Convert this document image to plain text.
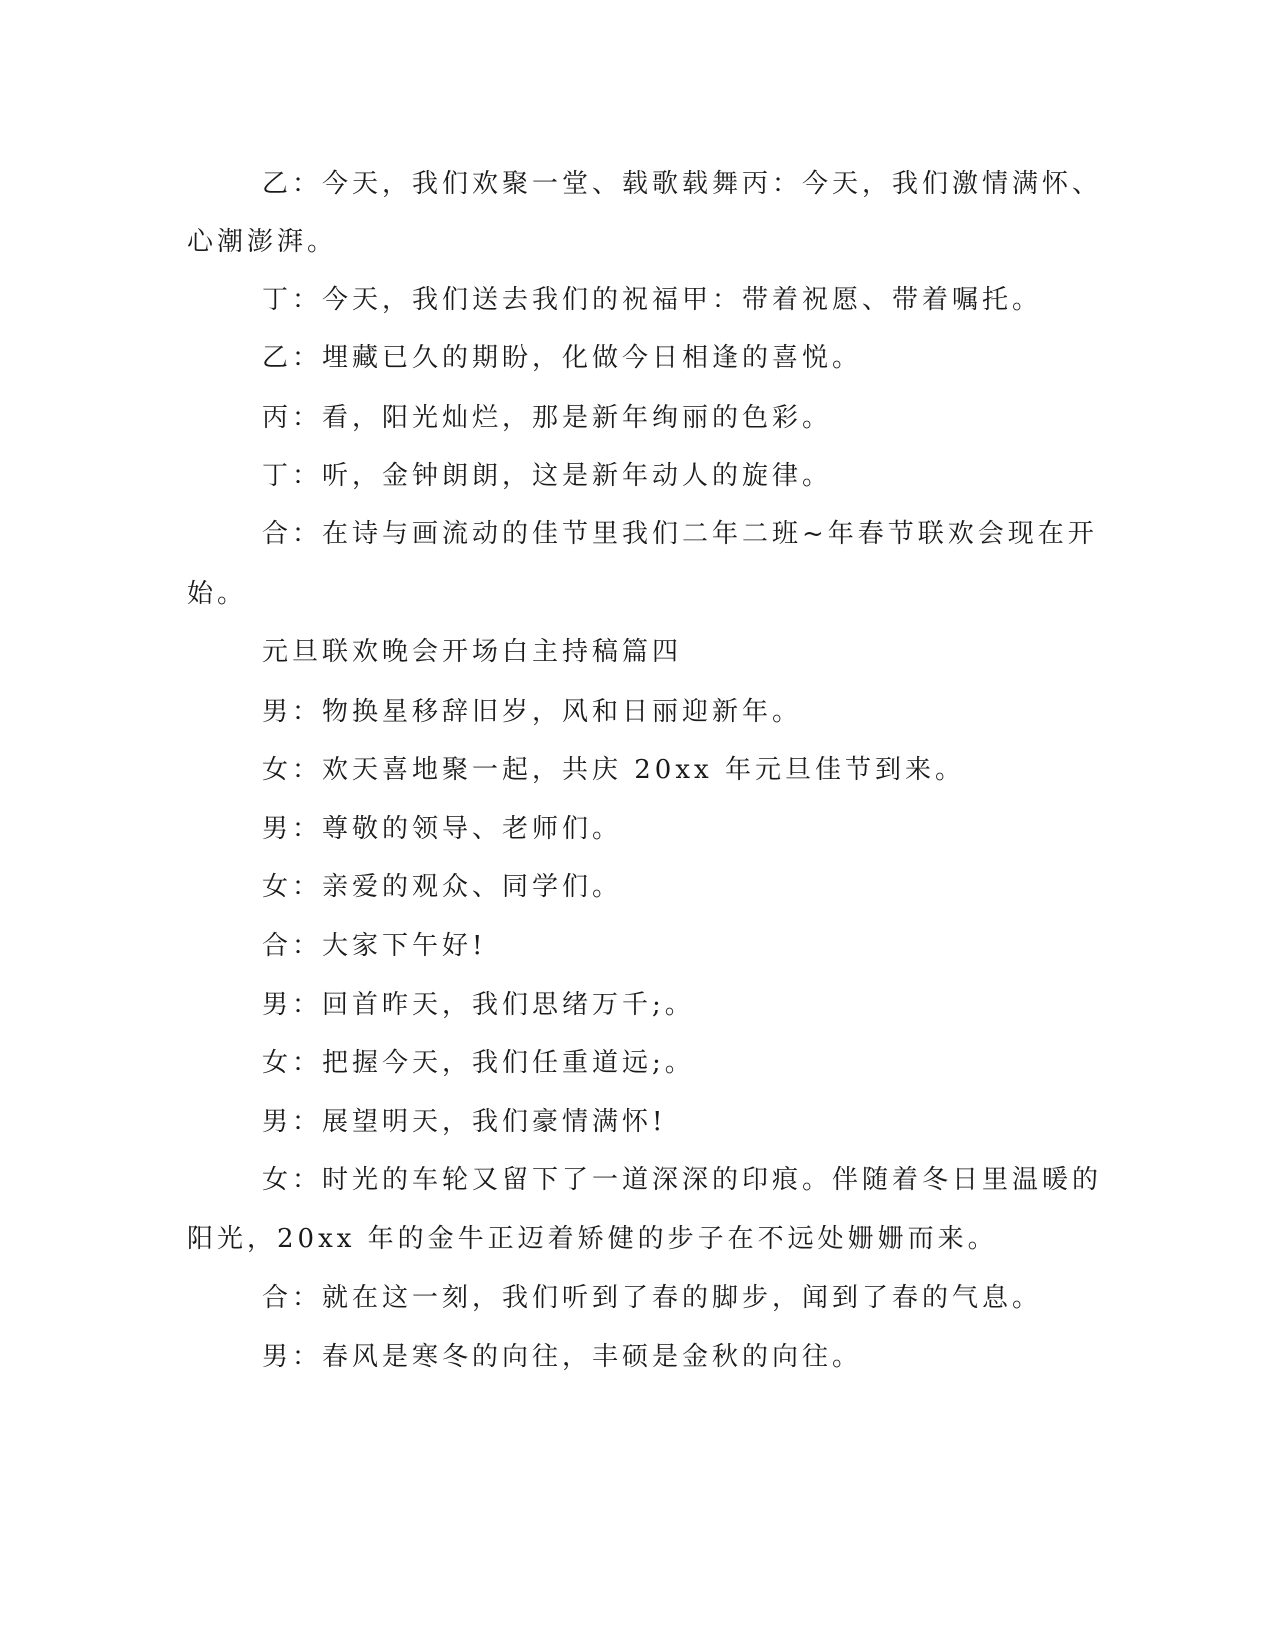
乙：今天，我们欢聚一堂、载歌载舞丙：今天，我们激情满怀、
心潮澎湃。
丁：今天，我们送去我们的祝福甲：带着祝愿、带着嘱托。
乙：埋藏已久的期盼，化做今日相逢的喜悦。
丙：看，阳光灿烂，那是新年绚丽的色彩。
丁：听，金钟朗朗，这是新年动人的旋律。
合：在诗与画流动的佳节里我们二年二班~年春节联欢会现在开
始。
元旦联欢晚会开场白主持稿篇四
男：物换星移辞旧岁，风和日丽迎新年。
女：欢天喜地聚一起，共庆 20xx 年元旦佳节到来。
男：尊敬的领导、老师们。
女：亲爱的观众、同学们。
合：大家下午好!
男：回首昨天，我们思绪万千;。
女：把握今天，我们任重道远;。
男：展望明天，我们豪情满怀!
女：时光的车轮又留下了一道深深的印痕。伴随着冬日里温暖的
阳光，20xx 年的金牛正迈着矫健的步子在不远处姗姗而来。
合：就在这一刻，我们听到了春的脚步，闻到了春的气息。
男：春风是寒冬的向往，丰硕是金秋的向往。
